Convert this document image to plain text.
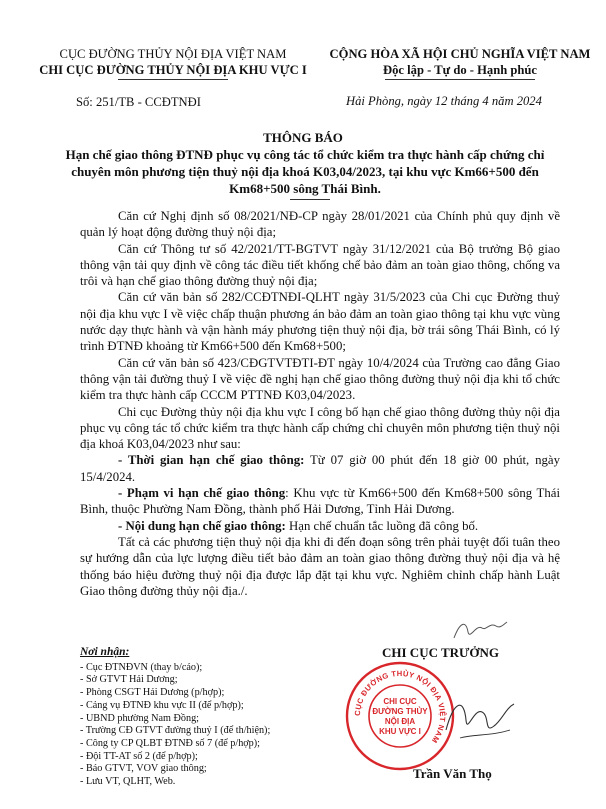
CỤC ĐƯỜNG THỦY NỘI ĐỊA VIỆT NAM
CHI CỤC ĐƯỜNG THỦY NỘI ĐỊA KHU VỰC I
CỘNG HÒA XÃ HỘI CHỦ NGHĨA VIỆT NAM
Độc lập - Tự do - Hạnh phúc
Số: 251/TB - CCĐTNĐI	Hải Phòng, ngày 12 tháng 4 năm 2024
THÔNG BÁO
Hạn chế giao thông ĐTNĐ phục vụ công tác tổ chức kiểm tra thực hành cấp chứng chỉ chuyên môn phương tiện thuỷ nội địa khoá K03,04/2023, tại khu vực Km66+500 đến Km68+500 sông Thái Bình.

Căn cứ Nghị định số 08/2021/NĐ-CP ngày 28/01/2021 của Chính phủ quy định về quản lý hoạt động đường thuỷ nội địa;

Căn cứ Thông tư số 42/2021/TT-BGTVT ngày 31/12/2021 của Bộ trưởng Bộ giao thông vận tải quy định về công tác điều tiết khống chế bảo đảm an toàn giao thông, chống va trôi và hạn chế giao thông đường thuỷ nội địa;

Căn cứ văn bản số 282/CCĐTNĐI-QLHT ngày 31/5/2023 của Chi cục Đường thuỷ nội địa khu vực I về việc chấp thuận phương án bảo đảm an toàn giao thông tại khu vực vùng nước dạy thực hành và vận hành máy phương tiện thuỷ nội địa, bờ trái sông Thái Bình, có lý trình ĐTNĐ khoảng từ Km66+500 đến Km68+500;

Căn cứ văn bản số 423/CĐGTVTĐTI-ĐT ngày 10/4/2024 của Trường cao đẳng Giao thông vận tải đường thuỷ I về việc đề nghị hạn chế giao thông đường thuỷ nội địa khi tổ chức kiểm tra thực hành cấp CCCM PTTNĐ K03,04/2023.

Chi cục Đường thủy nội địa khu vực I công bố hạn chế giao thông đường thủy nội địa phục vụ công tác tổ chức kiểm tra thực hành cấp chứng chỉ chuyên môn phương tiện thuỷ nội địa khoá K03,04/2023 như sau:

- Thời gian hạn chế giao thông: Từ 07 giờ 00 phút đến 18 giờ 00 phút, ngày 15/4/2024.

- Phạm vi hạn chế giao thông: Khu vực từ Km66+500 đến Km68+500 sông Thái Bình, thuộc Phường Nam Đồng, thành phố Hải Dương, Tỉnh Hải Dương.

- Nội dung hạn chế giao thông: Hạn chế chuẩn tắc luồng đã công bố.

Tất cả các phương tiện thuỷ nội địa khi đi đến đoạn sông trên phải tuyệt đối tuân theo sự hướng dẫn của lực lượng điều tiết bảo đảm an toàn giao thông đường thuỷ nội địa và hệ thống báo hiệu đường thuỷ nội địa được lắp đặt tại khu vực. Nghiêm chỉnh chấp hành Luật Giao thông đường thủy nội địa./.

Nơi nhận:
- Cục ĐTNĐVN (thay b/cáo);
- Sở GTVT Hải Dương;
- Phòng CSGT Hải Dương (p/hợp);
- Cảng vụ ĐTNĐ khu vực II (để p/hợp);
- UBND phường Nam Đồng;
- Trường CĐ GTVT đường thuỷ I (để th/hiện);
- Công ty CP QLBT ĐTNĐ số 7 (để p/hợp);
- Đội TT-AT số 2 (để p/hợp);
- Báo GTVT, VOV giao thông;
- Lưu VT, QLHT, Web.
CHI CỤC TRƯỞNG
CỤC ĐƯỜNG THỦY NỘI ĐỊA VIỆT NAM
CHI CỤC
ĐƯỜNG THỦY
NỘI ĐỊA
KHU VỰC I
Trần Văn Thọ
